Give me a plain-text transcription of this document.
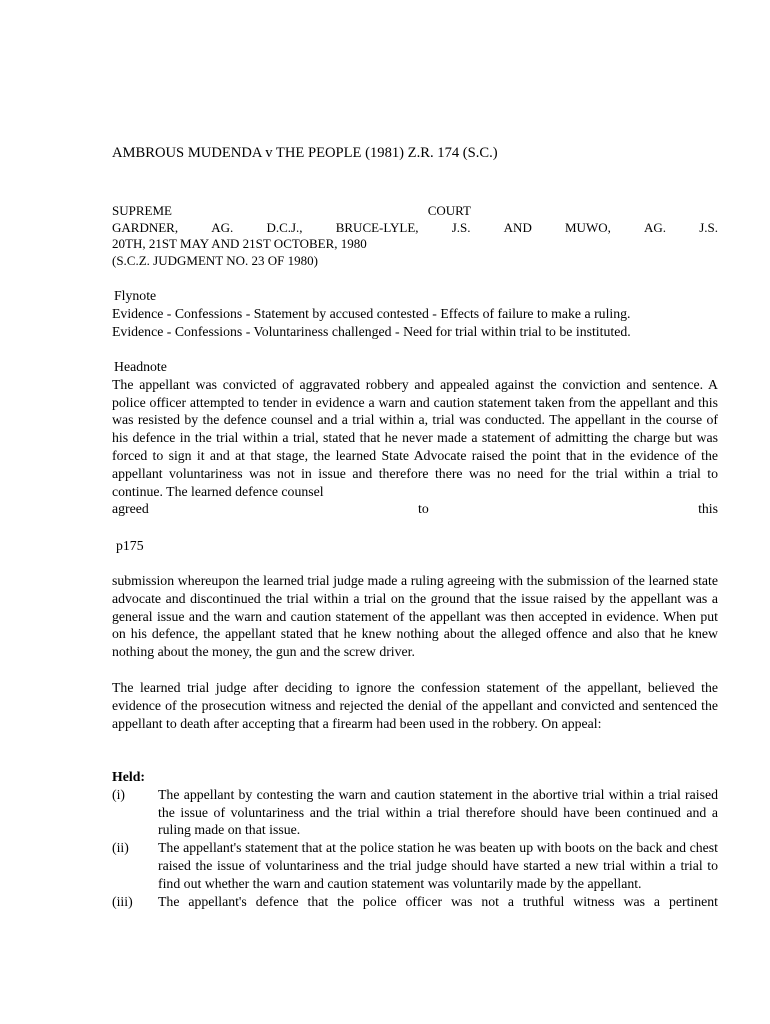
AMBROUS MUDENDA v THE PEOPLE (1981) Z.R. 174 (S.C.)
SUPREME	COURT
GARDNER,	AG.	D.C.J.,	BRUCE-LYLE,	J.S.	AND	MUWO,	AG.	J.S.
20TH, 21ST MAY AND 21ST OCTOBER, 1980
(S.C.Z. JUDGMENT NO. 23 OF 1980)
Flynote
Evidence - Confessions - Statement by accused contested - Effects of failure to make a ruling.
Evidence - Confessions - Voluntariness challenged - Need for trial within trial to be instituted.
Headnote
The appellant was convicted of aggravated robbery and appealed against the conviction and sentence. A police officer attempted to tender in evidence a warn and caution statement taken from the appellant and this was resisted by the defence counsel and a trial within a, trial was conducted. The appellant in the course of his defence in the trial within a trial, stated that he never made a statement of admitting the charge but was forced to sign it and at that stage, the learned State Advocate raised the point that in the evidence of the appellant voluntariness was not in issue and therefore there was no need for the trial within a trial to continue. The learned defence counsel
agreed	to	this
p175
submission whereupon the learned trial judge made a ruling agreeing with the submission of the learned state advocate and discontinued the trial within a trial on the ground that the issue raised by the appellant was a general issue and the warn and caution statement of the appellant was then accepted in evidence. When put on his defence, the appellant stated that he knew nothing about the alleged offence and also that he knew nothing about the money, the gun and the screw driver.
The learned trial judge after deciding to ignore the confession statement of the appellant, believed the evidence of the prosecution witness and rejected the denial of the appellant and convicted and sentenced the appellant to death after accepting that a firearm had been used in the robbery. On appeal:
Held:
(i)	The appellant by contesting the warn and caution statement in the abortive trial within a trial raised the issue of voluntariness and the trial within a trial therefore should have been continued and a ruling made on that issue.
(ii)	The appellant's statement that at the police station he was beaten up with boots on the back and chest raised the issue of voluntariness and the trial judge should have started a new trial within a trial to find out whether the warn and caution statement was voluntarily made by the appellant.
(iii)	The appellant's defence that the police officer was not a truthful witness was a pertinent
